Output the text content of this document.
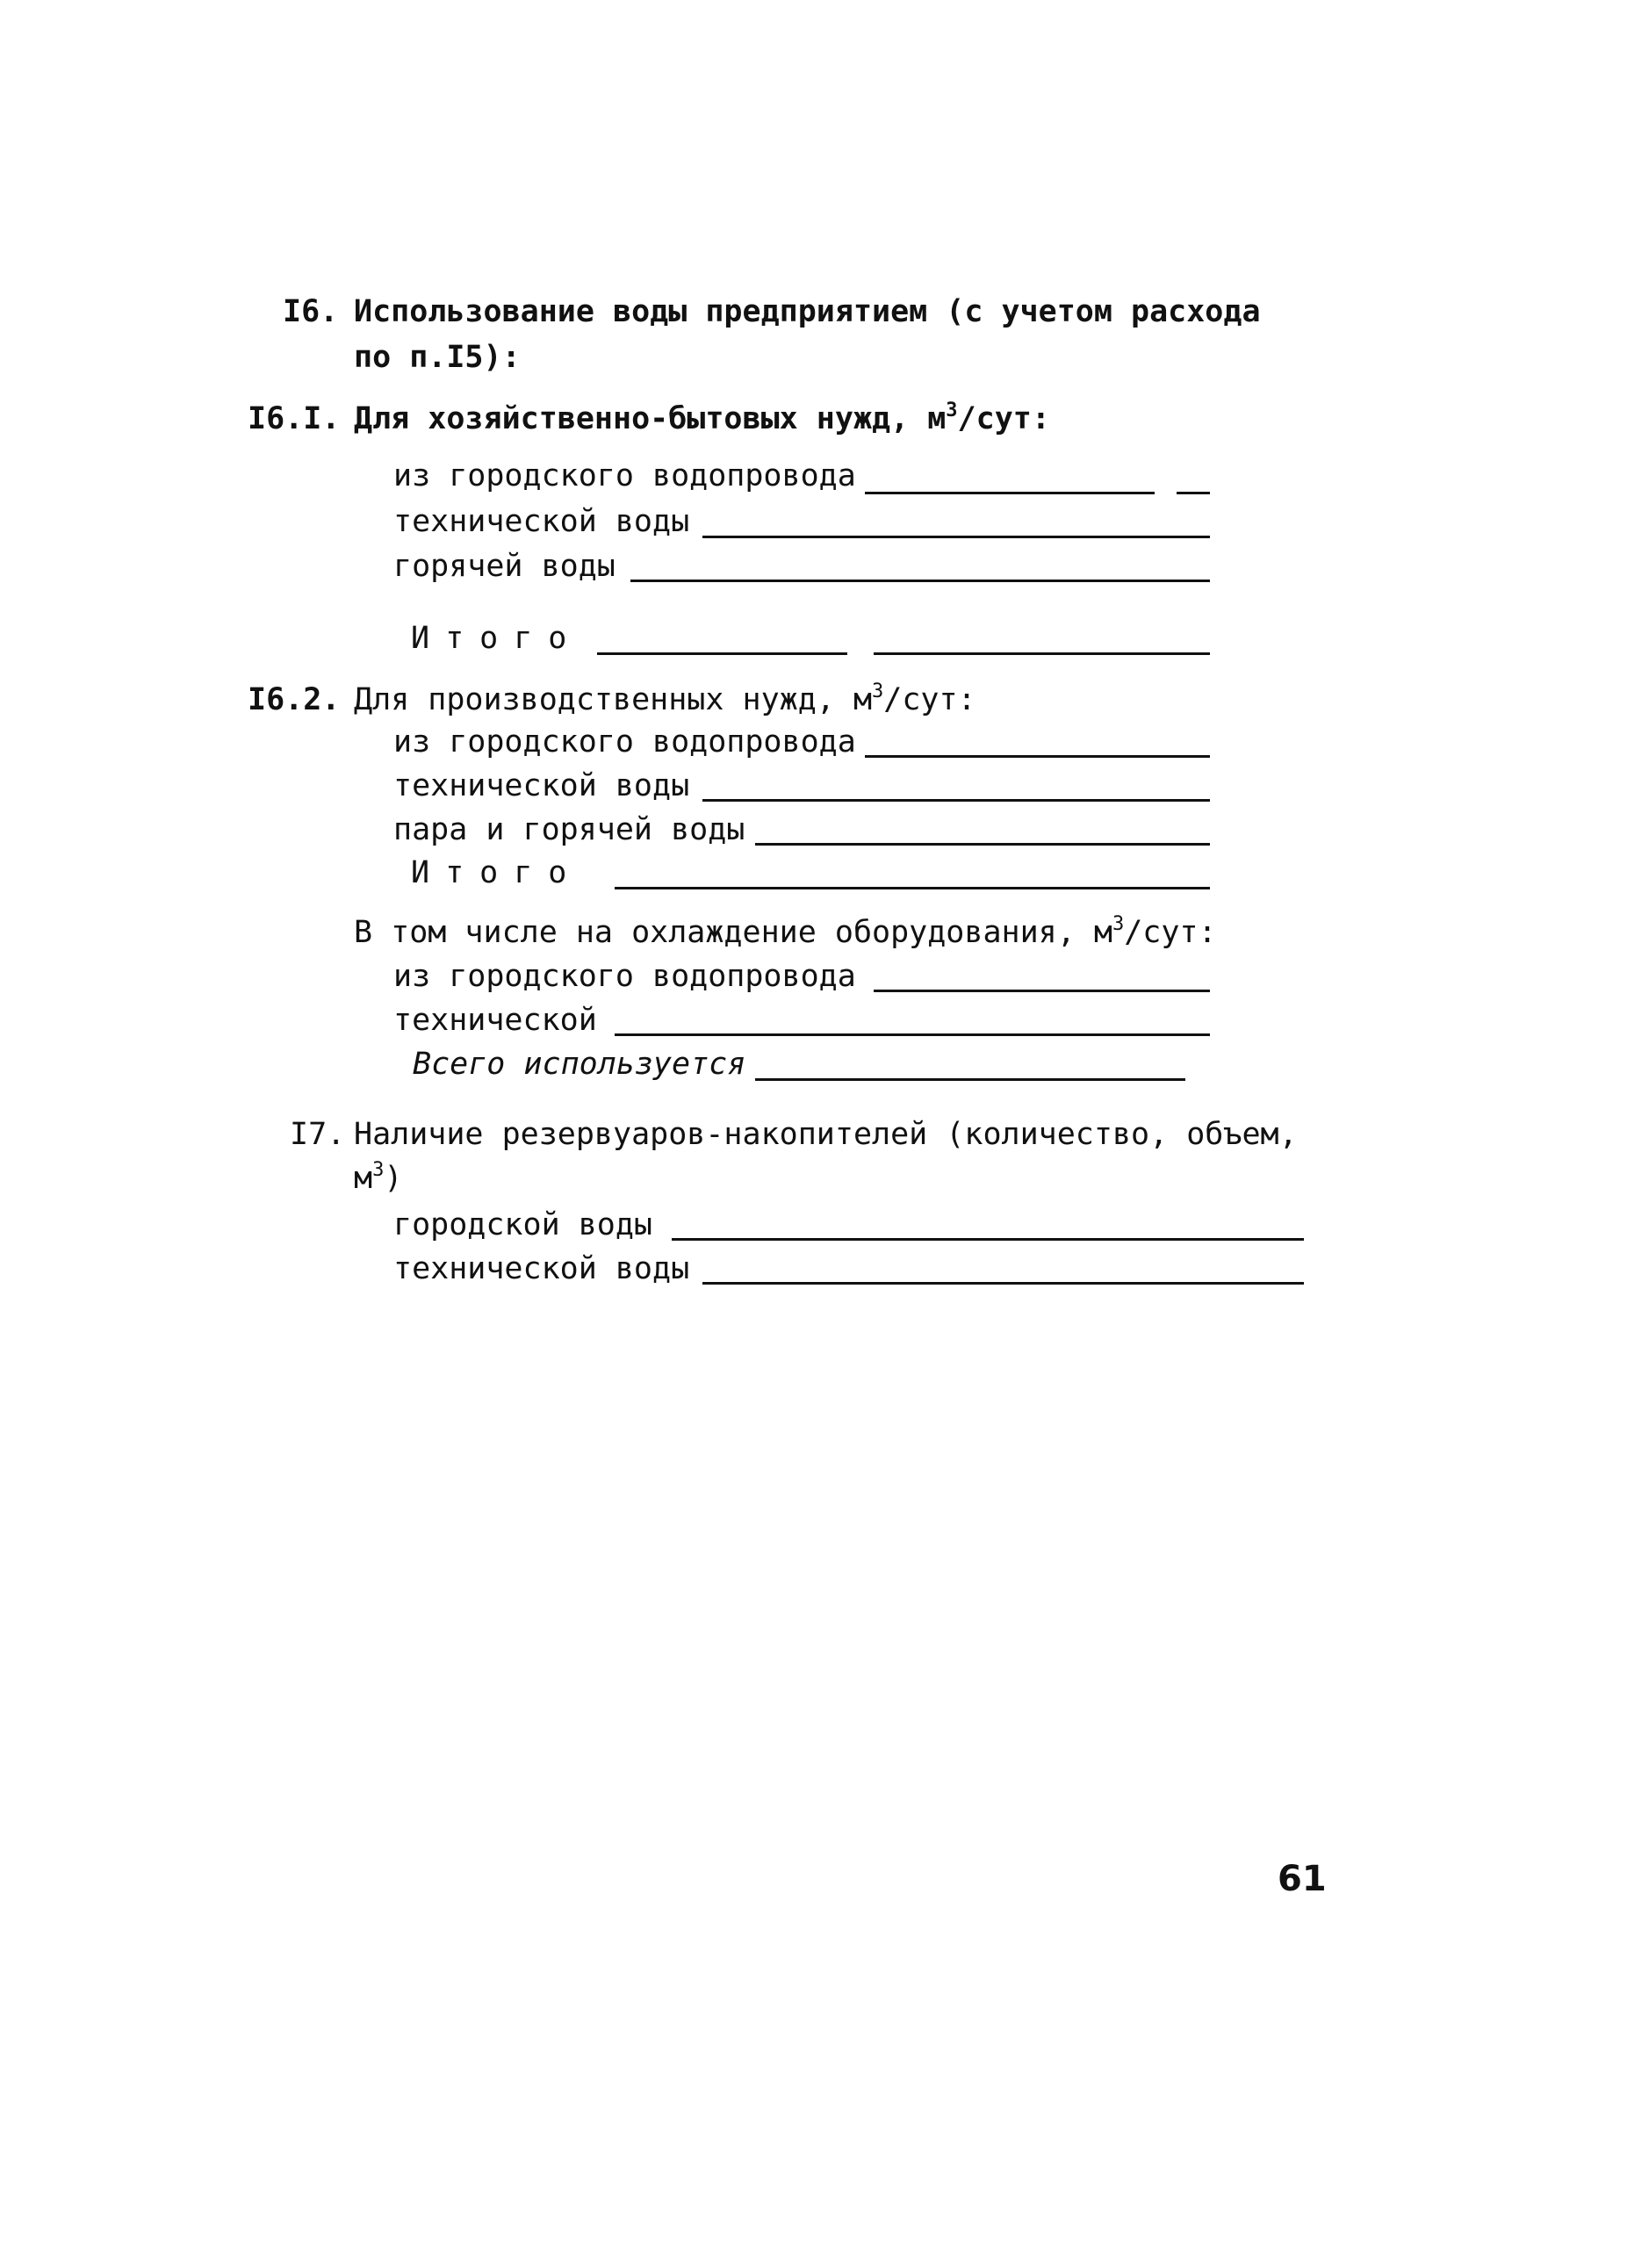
I6. Использование воды предприятием (с учетом расхода
по п.I5):
I6.I. Для хозяйственно-бытовых нужд, $м^3$/сут:
из городского водопровода
технической воды
горячей воды
Итого
I6.2. Для производственных нужд, $м^3$/сут:
из городского водопровода
технической воды
пара и горячей воды
Итого
В том числе на охлаждение оборудования, $м^3$/сут:
из городского водопровода
технической
Всего используется
I7. Наличие резервуаров-накопителей (количество, объем,
$м^3$)
городской воды
технической воды
61
